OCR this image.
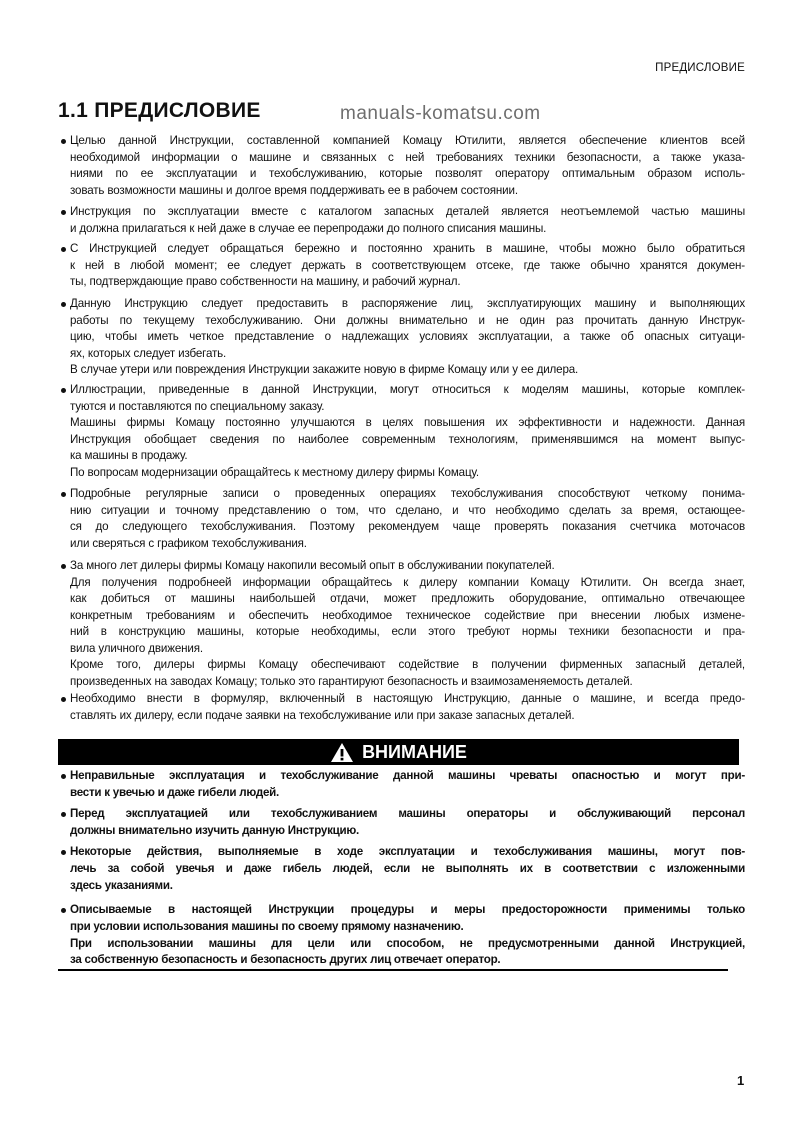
ПРЕДИСЛОВИЕ
1.1 ПРЕДИСЛОВИЕ	manuals-komatsu.com
Целью данной Инструкции, составленной компанией Комацу Ютилити, является обеспечение клиентов всей
необходимой информации о машине и связанных с ней требованиях техники безопасности, а также указа-
ниями по ее эксплуатации и техобслуживанию, которые позволят оператору оптимальным образом исполь-
зовать возможности машины и долгое время поддерживать ее в рабочем состоянии.
Инструкция по эксплуатации вместе с каталогом запасных деталей является неотъемлемой частью машины
и должна прилагаться к ней даже в случае ее перепродажи до полного списания машины.
С Инструкцией следует обращаться бережно и постоянно хранить в машине, чтобы можно было обратиться
к ней в любой момент; ее следует держать в соответствующем отсеке, где также обычно хранятся докумен-
ты, подтверждающие право собственности на машину, и рабочий журнал.
Данную Инструкцию следует предоставить в распоряжение лиц, эксплуатирующих машину и выполняющих
работы по текущему техобслуживанию. Они должны внимательно и не один раз прочитать данную Инструк-
цию, чтобы иметь четкое представление о надлежащих условиях эксплуатации, а также об опасных ситуаци-
ях, которых следует избегать.
В случае утери или повреждения Инструкции закажите новую в фирме Комацу или у ее дилера.
Иллюстрации, приведенные в данной Инструкции, могут относиться к моделям машины, которые комплек-
туются и поставляются по специальному заказу.
Машины фирмы Комацу постоянно улучшаются в целях повышения их эффективности и надежности. Данная
Инструкция обобщает сведения по наиболее современным технологиям, применявшимся на момент выпус-
ка машины в продажу.
По вопросам модернизации обращайтесь к местному дилеру фирмы Комацу.
Подробные регулярные записи о проведенных операциях техобслуживания способствуют четкому понима-
нию ситуации и точному представлению о том, что сделано, и что необходимо сделать за время, остающее-
ся до следующего техобслуживания. Поэтому рекомендуем чаще проверять показания счетчика моточасов
или сверяться с графиком техобслуживания.
За много лет дилеры фирмы Комацу накопили весомый опыт в обслуживании покупателей.
Для получения подробнеей информации обращайтесь к дилеру компании Комацу Ютилити. Он всегда знает,
как добиться от машины наибольшей отдачи, может предложить оборудование, оптимально отвечающее
конкретным требованиям и обеспечить необходимое техническое содействие при внесении любых измене-
ний в конструкцию машины, которые необходимы, если этого требуют нормы техники безопасности и пра-
вила уличного движения.
Кроме того, дилеры фирмы Комацу обеспечивают содействие в получении фирменных запасный деталей,
произведенных на заводах Комацу; только это гарантируют безопасность и взаимозаменяемость деталей.
Необходимо внести в формуляр, включенный в настоящую Инструкцию, данные о машине, и всегда предо-
ставлять их дилеру, если подаче заявки на техобслуживание или при заказе запасных деталей.
ВНИМАНИЕ
Неправильные эксплуатация и техобслуживание данной машины чреваты опасностью и могут при-
вести к увечью и даже гибели людей.
Перед эксплуатацией или техобслуживанием машины операторы и обслуживающий персонал
должны внимательно изучить данную Инструкцию.
Некоторые действия, выполняемые в ходе эксплуатации и техобслуживания машины, могут пов-
лечь за собой увечья и даже гибель людей, если не выполнять их в соответствии с изложенными
здесь указаниями.
Описываемые в настоящей Инструкции процедуры и меры предосторожности применимы только
при условии использования машины по своему прямому назначению.
При использовании машины для цели или способом, не предусмотренными данной Инструкцией,
за собственную безопасность и безопасность других лиц отвечает оператор.
1
